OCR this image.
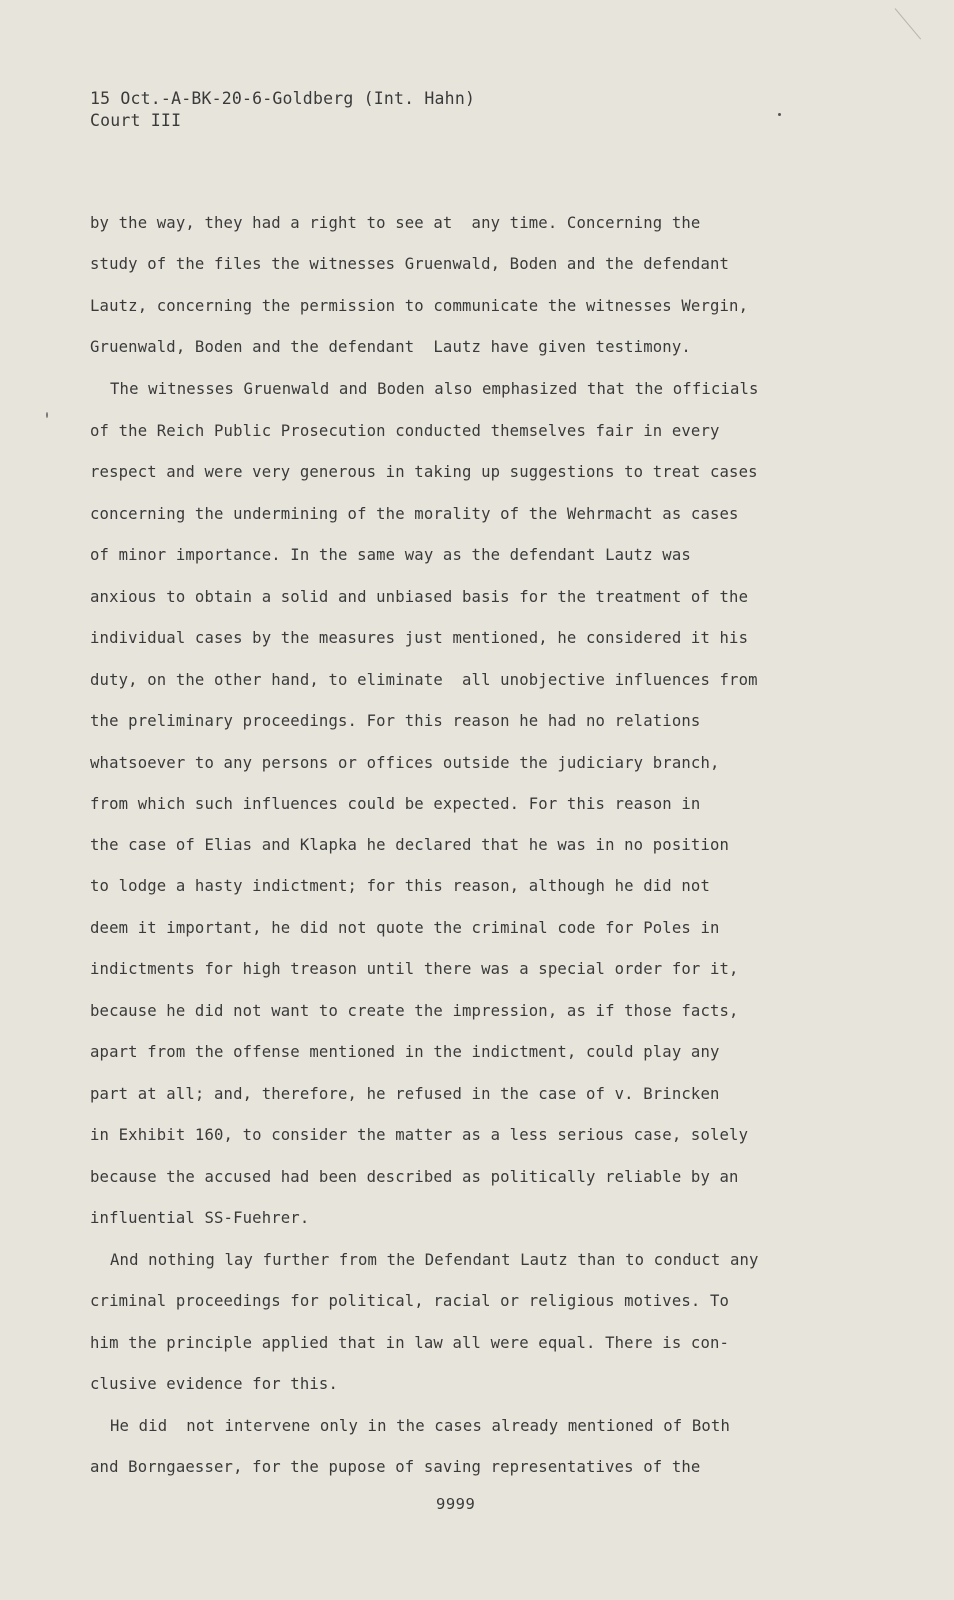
15 Oct.-A-BK-20-6-Goldberg (Int. Hahn)
Court III
by the way, they had a right to see at  any time. Concerning the
study of the files the witnesses Gruenwald, Boden and the defendant
Lautz, concerning the permission to communicate the witnesses Wergin,
Gruenwald, Boden and the defendant  Lautz have given testimony.
The witnesses Gruenwald and Boden also emphasized that the officials
of the Reich Public Prosecution conducted themselves fair in every
respect and were very generous in taking up suggestions to treat cases
concerning the undermining of the morality of the Wehrmacht as cases
of minor importance. In the same way as the defendant Lautz was
anxious to obtain a solid and unbiased basis for the treatment of the
individual cases by the measures just mentioned, he considered it his
duty, on the other hand, to eliminate  all unobjective influences from
the preliminary proceedings. For this reason he had no relations
whatsoever to any persons or offices outside the judiciary branch,
from which such influences could be expected. For this reason in
the case of Elias and Klapka he declared that he was in no position
to lodge a hasty indictment; for this reason, although he did not
deem it important, he did not quote the criminal code for Poles in
indictments for high treason until there was a special order for it,
because he did not want to create the impression, as if those facts,
apart from the offense mentioned in the indictment, could play any
part at all; and, therefore, he refused in the case of v. Brincken
in Exhibit 160, to consider the matter as a less serious case, solely
because the accused had been described as politically reliable by an
influential SS-Fuehrer.
And nothing lay further from the Defendant Lautz than to conduct any
criminal proceedings for political, racial or religious motives. To
him the principle applied that in law all were equal. There is con-
clusive evidence for this.
He did  not intervene only in the cases already mentioned of Both
and Borngaesser, for the pupose of saving representatives of the
9999
